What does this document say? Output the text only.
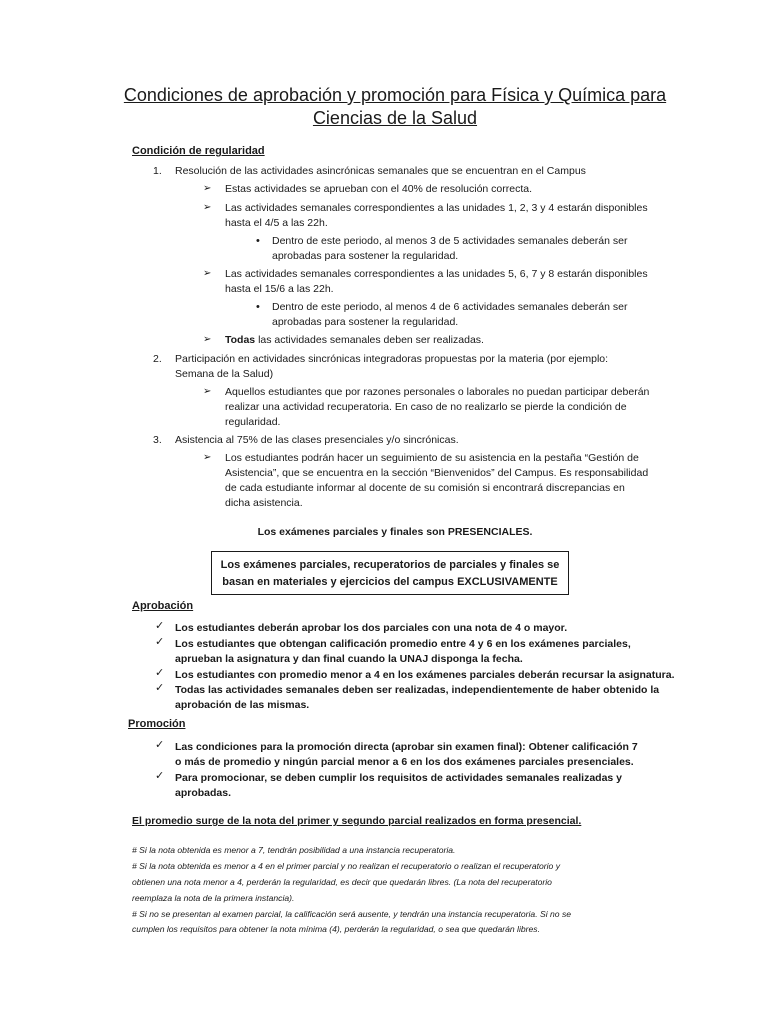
Condiciones de aprobación y promoción para Física y Química para
Ciencias de la Salud
Condición de regularidad
1. Resolución de las actividades asincrónicas semanales que se encuentran en el Campus
➢ Estas actividades se aprueban con el 40% de resolución correcta.
➢ Las actividades semanales correspondientes a las unidades 1, 2, 3 y 4 estarán disponibles
hasta el 4/5 a las 22h.
• Dentro de este periodo, al menos 3 de 5 actividades semanales deberán ser
aprobadas para sostener la regularidad.
➢ Las actividades semanales correspondientes a las unidades 5, 6, 7 y 8 estarán disponibles
hasta el 15/6 a las 22h.
• Dentro de este periodo, al menos 4 de 6 actividades semanales deberán ser
aprobadas para sostener la regularidad.
➢ Todas las actividades semanales deben ser realizadas.
2. Participación en actividades sincrónicas integradoras propuestas por la materia (por ejemplo:
Semana de la Salud)
➢ Aquellos estudiantes que por razones personales o laborales no puedan participar deberán
realizar una actividad recuperatoria. En caso de no realizarlo se pierde la condición de
regularidad.
3. Asistencia al 75% de las clases presenciales y/o sincrónicas.
➢ Los estudiantes podrán hacer un seguimiento de su asistencia en la pestaña “Gestión de
Asistencia”, que se encuentra en la sección “Bienvenidos” del Campus. Es responsabilidad
de cada estudiante informar al docente de su comisión si encontrará discrepancias en
dicha asistencia.
Los exámenes parciales y finales son PRESENCIALES.
Los exámenes parciales, recuperatorios de parciales y finales se
basan en materiales y ejercicios del campus EXCLUSIVAMENTE
Aprobación
✓ Los estudiantes deberán aprobar los dos parciales con una nota de 4 o mayor.
✓ Los estudiantes que obtengan calificación promedio entre 4 y 6 en los exámenes parciales,
aprueban la asignatura y dan final cuando la UNAJ disponga la fecha.
✓ Los estudiantes con promedio menor a 4 en los exámenes parciales deberán recursar la asignatura.
✓ Todas las actividades semanales deben ser realizadas, independientemente de haber obtenido la
aprobación de las mismas.
Promoción
✓ Las condiciones para la promoción directa (aprobar sin examen final): Obtener calificación 7
o más de promedio y ningún parcial menor a 6 en los dos exámenes parciales presenciales.
✓ Para promocionar, se deben cumplir los requisitos de actividades semanales realizadas y
aprobadas.
El promedio surge de la nota del primer y segundo parcial realizados en forma presencial.
# Si la nota obtenida es menor a 7, tendrán posibilidad a una instancia recuperatoria.
# Si la nota obtenida es menor a 4 en el primer parcial y no realizan el recuperatorio o realizan el recuperatorio y
obtienen una nota menor a 4, perderán la regularidad, es decir que quedarán libres. (La nota del recuperatorio
reemplaza la nota de la primera instancia).
# Si no se presentan al examen parcial, la calificación será ausente, y tendrán una instancia recuperatoria. Si no se
cumplen los requisitos para obtener la nota mínima (4), perderán la regularidad, o sea que quedarán libres.
